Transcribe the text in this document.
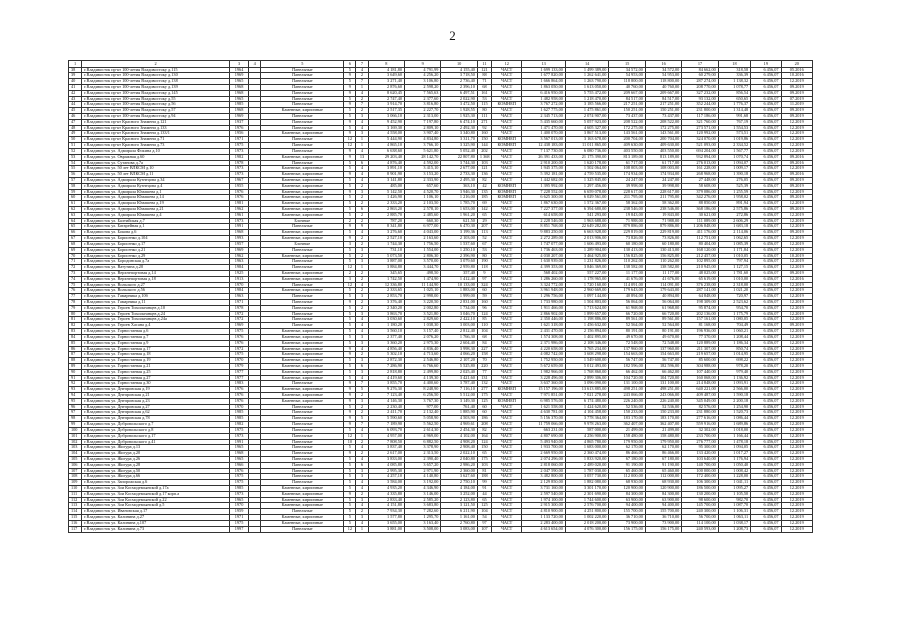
2
1	2	3	4	5	6	7	8	9	10	11	12	13	14	15	16	17	18	19	20
38	г.Владивосток пр-кт 100-летия Владивостоку д.115	1964		Панельные	5	4	4 181,80	4 791,99	4 155,40	121	ЧАСТ	1 699 133,00	1 499 389,00	34 572,00	34 572,00	84 662,00	318,58	6 456,07	05.2016
39	г.Владивосток пр-кт 100-летия Владивостоку д.130	1969		Панельные	9	2	3 649,60	4 256,20	3 718,50	88	ЧАСТ	1 677 820,00	1 262 641,00	54 953,00	54 953,00	60 279,00	336,39	6 456,07	10.2016
40	г.Владивосток пр-кт 100-летия Владивостоку д.138	1965		Панельные	5	7	3 271,40	3 106,80	2 736,40	71	ЧАСТ	1 666 864,00	1 263 790,00	118 800,00	118 800,00	287 274,00	1 138,32	6 456,07	12.2019
41	г.Владивосток пр-кт 100-летия Владивостоку д.139	1968		Панельные	9	1	2 876,60	2 598,20	2 396,10	68	ЧАСТ	1 863 050,00	1 613 050,00	40 760,00	40 760,00	208 770,00	1 078,77	6 456,07	09.2019
42	г.Владивосток пр-кт 100-летия Владивостоку д.145	1968		Панельные	9	4	8 620,45	7 565,63	6 497,51	161	ЧАСТ	6 416 950,00	5 755 472,00	209 667,00	209 667,00	327 232,00	856,54	6 456,07	09.2019
43	г.Владивосток пр-кт 100-летия Владивостоку д.55	1965		Панельные	5	2	2 747,40	2 377,60	2 022,90	53	ЧАСТ	1 482 958,00	1 218 470,00	84 517,00	84 517,00	93 132,00	650,65	6 456,07	07.2019
44	г.Владивосток пр-кт 100-летия Владивостоку д.56	1985		Панельные	9	7	3 914,70	3 816,80	3 472,50	115	КОМНЕП	3 767 272,00	3 185 566,00	217 251,00	217 251,00	352 244,00	1 776,37	6 456,07	11.2019
45	г.Владивосток пр-кт 100-летия Владивостоку д.57	1968		Каменные, кирпичные	5	2	2 517,35	2 227,70	1 928,55	80	ЧАСТ	1 627 775,00	1 475 861,00	150 251,00	150 251,00	231 800,00	1 314,48	6 456,07	09.2019
46	г.Владивосток пр-кт 100-летия Владивостоку д.94	1969		Панельные	5	3	3 066,10	2 313,00	1 925,30	111	ЧАСТ	2 345 713,00	2 074 907,00	73 437,00	73 437,00	117 186,00	991,68	6 456,07	09.2019
47	г.Владивосток пр-кт Красного Знамени д.121	1937		Панельные	9	4	9 452,90	7 197,80	6 474,10	271	ЧАСТ	5 435 660,00	5 057 923,00	208 522,00	208 522,00	321 760,00	767,19	6 456,07	12.2019
48	г.Владивосток пр-кт Красного Знамени д.133	1976		Панельные	5	4	3 169,30	2 809,10	2 492,30	92	ЧАСТ	1 471 470,00	4 605 327,00	172 275,00	172 275,00	273 571,00	1 554,53	6 456,07	12.2019
49	г.Владивосток пр-кт Красного Знамени д.133/1	1956		Каменные, кирпичные	9	3	4 558,00	3 907,40	3 340,80	160	ЧАСТ	1 400 070,00	3 867 513,00	143 561,00	143 561,00	120 992,00	573,51	6 456,07	12.2019
50	г.Владивосток пр-кт Красного Знамени д.71	1971		Панельные	12	1	5 444,90	4 834,80	3 311,70	150	КОМНЕП	3 567 013,00	3 163 678,00	200 704,00	200 704,00	324 070,00	1 019,86	6 456,07	12.2019
51	г.Владивосток пр-кт Красного Знамени д.73	1975		Панельные	12	1	4 865,10	3 766,10	3 325,90	144	КОМНЕП	12 438 183,00	11 011 865,00	409 630,00	409 630,00	521 093,00	2 334,52	6 456,07	12.2019
52	г.Владивосток ул. Адмирала Фокина д.10	1973		Панельные	9	4	6 638,60	5 621,80	5 052,40	202	ЧАСТ	7 137 730,00	6 080 736,00	403 550,00	403 550,00	694 204,00	1 567,77	6 456,07	12.2019
53	г.Владивосток ул. Овражная д.60	1982		Каменные, кирпичные	9	13	29 203,40	28 142,70	22 807,80	1 368	ЧАСТ	26 391 433,00	21 175 390,00	813 189,00	813 189,00	932 894,00	1 070,74	6 456,07	09.2016
54	г.Владивосток ул. Сутанова д.7а	1978		Панельные	5	6	4 876,40	4 592,00	3 744,30	103	ЧАСТ	2 910 200,00	1 620 178,00	61 717,00	61 717,00	276 013,00	1 094,07	6 456,07	09.2016
55	г.Владивосток ул. 50 лет ВЛКСМ д.10	1973		Каменные, кирпичные	5	4	3 891,10	3 415,10	2 677,00	121	ЧАСТ	1 945 375,00	1 502 064,00	108 003,00	108 003,00	161 228,00	1 009,17	6 456,07	12.2019
56	г.Владивосток ул. 50 лет ВЛКСМ д.11	1973		Каменные, кирпичные	9	4	8 901,90	3 153,20	2 733,30	136	ЧАСТ	5 392 181,00	4 759 535,00	174 934,00	174 934,00	268 968,00	1 390,18	6 456,07	09.2016
57	г.Владивосток ул. Адмирала Кузнецова д.34	1967		Каменные, кирпичные	5	4	3 141,80	2 333,90	2 495,30	82	ЧАСТ	1 442 682,00	1 325 845,00	24 247,00	24 247,00	27 448,00	276,05	6 456,07	09.2019
58	г.Владивосток ул. Адмирала Кузнецова д.4	1955		Каменные, кирпичные	5	2	485,00	657,60	363,10	42	КОМНЕП	1 395 992,00	1 297 456,00	39 998,00	39 998,00	58 608,00	525,39	6 456,07	09.2019
59	г.Владивосток ул. Адмирала Юмашева д.1	1976		Каменные, кирпичные	9	3	5 142,50	4 520,70	3 946,30	135	КОМНЕП	7 228 552,00	6 659 078,00	228 617,00	228 617,00	379 086,00	1 255,59	6 456,07	12.2019
60	г.Владивосток ул. Адмирала Юмашева д.14	1976		Каменные, кирпичные	5	2	1 426,90	1 106,10	1 216,00	185	КОМНЕП	6 625 300,00	6 029 561,00	211 795,00	211 795,00	342 276,00	1 958,02	6 456,07	09.2019
61	г.Владивосток ул. Адмирала Юмашева д.19	1981		Каменные, кирпичные	5	2	2 333,20	2 103,50	1 785,70	69	ЧАСТ	1 867 630,00	1 572 367,00	58 362,00	58 362,00	88 850,00	891,94	6 456,07	12.2019
62	г.Владивосток ул. Адмирала Юмашева д.21	1962		Каменные, кирпичные	5	6	2 863,20	2 578,10	1 653,00	142	ЧАСТ	7 227 377,00	6 394 680,00	238 546,00	238 546,00	368 186,00	2 575,86	6 456,07	09.2019
63	г.Владивосток ул. Адмирала Юмашева д.4	1961		Каменные, кирпичные	5	2	2 885,70	2 485,60	1 961,20	65	ЧАСТ	614 658,00	541 293,00	19 843,00	19 843,00	30 621,00	272,86	6 456,07	12.2019
64	г.Владивосток ул. Балтийская д.7	1973		Блочные	2	2	787,20	660,30	621,50	29	ЧАСТ	2 228 546,00	1 963 688,00	71 988,00	71 988,00	111 089,00	2 606,29	6 456,07	12.2019
65	г.Владивосток ул. Батарейная д.1	1991		Панельные	9	9	8 341,80	6 977,00	6 470,30	207	ЧАСТ	8 851 768,00	22 649 282,00	879 886,00	879 886,00	1 206 848,00	1 683,18	6 456,07	12.2019
66	г.Владивосток ул. Бокова д.6	1968		Каменные, кирпичные	5	4	3 276,60	4 043,00	3 199,36	113	ЧАСТ	9 883 250,00	6 663 928,00	229 819,00	229 819,00	411 176,00	2 114,06	6 456,07	09.2019
67	г.Владивосток ул. Борисенко д.104	1993		Каменные, кирпичные	9	2	2 527,10	2 163,60	2 103,00	52	ЧАСТ	2 272 289,00	2 013 906,00	73 826,00	73 826,00	112 751,00	1 062,65	6 456,07	12.2019
68	г.Владивосток ул. Борисенко д.17	1957		Блочные	3	2	1 744,30	1 756,50	1 537,60	67	ЧАСТ	1 747 077,00	1 606 493,00	60 180,00	60 180,00	80 404,00	1 085,39	6 456,07	12.2019
69	г.Владивосток ул. Борисенко д.21	1969		Панельные	5	3	731,10	1 554,00	1 250,10	53	ЧАСТ	1 736 463,00	1 289 904,00	130 413,00	130 413,00	168 120,00	1 171,84	6 456,07	12.2019
70	г.Владивосток ул. Борисенко д.29	1962		Каменные, кирпичные	5	2	5 073,50	2 806,30	2 396,90	80	ЧАСТ	4 030 207,00	3 464 925,00	156 825,00	156 825,00	212 457,00	1 010,05	6 456,07	10.2019
71	г.Владивосток ул. Бородинская д.7а	1963		Панельные	5	3	3 887,00	3 570,00	3 079,60	190	ЧАСТ	1 630 939,00	1 231 826,00	110 262,00	110 262,00	102 895,00	797,94	6 456,07	12.2019
72	г.Владивосток ул. Ватутина д.20	1984		Панельные	12	1	3 884,80	3 444,70	2 959,80	118	ЧАСТ	4 399 353,00	3 846 369,00	138 582,00	138 582,00	210 945,00	1 127,15	6 456,07	12.2019
73	г.Владивосток ул. Верхнепортовая д.14	1925		Каменные, кирпичные	2	2	345,65	498,50	357,40	9	ЧАСТ	568 402,00	557 227,00	11 177,00	11 177,00	48 025,00	1 781,60	6 456,07	09.2019
74	г.Владивосток ул. Верхнепортовая д.18	1913		Каменные, кирпичные	3	2	1 742,50	1 474,90	1 412,40	97	ЧАСТ	1 286 260,00	1 178 965,00	41 676,00	41 676,00	65 619,00	1 010,00	6 456,07	12.2016
75	г.Владивосток ул. Вольского д.27	1970		Панельные	12	4	12 336,80	11 144,90	10 133,00	324	ЧАСТ	3 324 772,00	1 720 160,00	114 091,00	114 091,00	376 238,00	2 318,00	6 456,07	12.2019
76	г.Владивосток ул. Вольского д.56	1984		Каменные, кирпичные	5	2	2 333,65	1 025,10	1 883,00	60	ЧАСТ	3 961 948,00	2 960 669,00	179 643,00	179 643,00	287 141,00	1 021,20	6 456,07	12.2019
77	г.Владивосток ул. Гамарника д.10б	1963		Панельные	5	3	2 853,70	2 998,00	1 999,00	59	ЧАСТ	1 296 756,00	1 097 144,00	40 894,00	40 894,00	64 848,00	720,97	6 456,07	12.2019
78	г.Владивосток ул. Гамарника д.11	1971		Панельные	9	2	3 376,40	3 220,50	2 831,00	160	ЧАСТ	1 733 980,00	1 504 803,00	56 064,00	56 064,00	198 309,00	2 523,62	6 456,07	12.2019
79	г.Владивосток ул. Героев Тихоокеанцев д.10	1978		Панельные	5	2	2 340,20	2 002,80	1 734,00	96	ЧАСТ	1 911 466,00	1 713 624,00	61 968,00	61 968,00	95 874,00	954,70	6 456,07	12.2019
80	г.Владивосток ул. Героев Тихоокеанцев д.24	1972		Панельные	5	3	3 863,70	3 521,80	3 046,70	124	ЧАСТ	2 866 902,00	1 899 657,00	66 720,00	66 720,00	202 136,00	1 175,79	6 456,07	12.2019
81	г.Владивосток ул. Героев Тихоокеанцев д.24а	1972		Панельные	5	4	3 030,60	2 829,60	2 422,10	85	ЧАСТ	2 350 446,00	1 198 886,00	89 561,00	89 561,00	157 161,00	1 080,05	6 456,07	12.2019
82	г.Владивосток ул. Героев Хасана д.4	1969		Панельные	5	4	1 180,20	1 038,30	3 003,00	110	ЧАСТ	1 621 318,00	1 456 632,00	52 564,00	52 564,00	81 168,00	704,49	6 456,07	09.2019
83	г.Владивосток ул. Горностаевая д.6	1975		Каменные, кирпичные	5	4	3 560,10	3 157,40	2 812,40	104	ЧАСТ	2 431 470,00	2 156 894,00	80 191,00	80 191,00	196 936,00	1 060,21	6 456,07	12.2019
84	г.Владивосток ул. Горностаевая д.7	1976		Каменные, кирпичные	5	3	2 377,40	2 076,20	1 766,30	68	ЧАСТ	1 574 308,00	1 402 895,00	49 670,00	49 670,00	77 370,00	1 208,44	6 456,07	12.2019
85	г.Владивосток ул. Горностаевая д.9	1976		Каменные, кирпичные	5	3	3 360,20	2 975,30	2 604,40	84	ЧАСТ	2 371 986,00	2 108 346,00	72 548,00	72 548,00	120 889,00	1 186,34	6 456,07	12.2019
86	г.Владивосток ул. Горностаевая д.17	1972		Каменные, кирпичные	9	4	4 856,40	4 836,40	3 998,30	227	ЧАСТ	4 220 658,00	3 765 234,00	137 960,00	137 960,00	211 307,00	850,74	6 456,07	12.2019
87	г.Владивосток ул. Горностаевая д.18	1975		Каменные, кирпичные	9	2	5 302,10	4 713,60	4 066,20	158	ЧАСТ	4 082 742,00	3 608 298,00	154 663,00	154 663,00	219 657,00	1 014,95	6 456,07	12.2019
88	г.Владивосток ул. Горностаевая д.19	1970		Каменные, кирпичные	5	3	2 872,30	2 546,80	2 107,20	70	ЧАСТ	1 752 950,00	1 549 600,00	56 747,00	56 747,00	85 600,00	698,22	6 456,07	12.2019
89	г.Владивосток ул. Горностаевая д.21	1979		Каменные, кирпичные	5	6	7 286,90	6 766,60	5 525,80	220	ЧАСТ	5 672 659,00	5 012 493,00	182 596,00	182 596,00	304 988,00	978,20	6 456,07	12.2019
90	г.Владивосток ул. Горностаевая д.25	1977		Каменные, кирпичные	5	3	2 818,80	2 499,80	2 025,40	77	ЧАСТ	1 982 966,00	1 768 860,00	66 462,00	66 462,00	107 440,00	979,40	6 456,07	12.2019
91	г.Владивосток ул. Горностаевая д.27	1977		Каменные, кирпичные	5	4	4 419,60	4 139,30	3 421,60	131	ЧАСТ	3 228 496,00	2 899 306,00	104 720,00	104 720,00	160 068,00	1 136,92	6 456,07	12.2019
92	г.Владивосток ул. Горностаевая д.30	1983		Панельные	9	7	3 855,70	4 400,60	3 787,40	132	ЧАСТ	3 637 360,00	3 096 090,00	131 100,00	131 100,00	214 848,00	1 093,91	6 456,07	12.2019
93	г.Владивосток ул. Днепровская д.19	1976		Каменные, кирпичные	9	5	9 276,30	8 248,90	7 116,10	277	КОМНЕП	15 157 196,00	13 613 885,00	498 251,00	498 251,00	640 221,00	2 566,00	6 456,07	12.2019
94	г.Владивосток ул. Днепровская д.21	1976		Каменные, кирпичные	9	2	7 123,40	6 256,50	5 512,00	175	ЧАСТ	7 971 851,00	7 021 278,00	243 066,00	243 066,00	409 487,00	1 590,18	6 456,07	12.2019
95	г.Владивосток ул. Днепровская д.23	1976		Каменные, кирпичные	9	3	4 146,30	3 767,30	3 149,30	125	КОМНЕП	6 985 576,00	6 174 480,00	226 240,00	226 240,00	345 049,00	2 200,18	6 456,07	12.2019
96	г.Владивосток ул. Днепровская д.27	1970		Панельные	5	2	2 230,40	977,00	761,40	60	ЧАСТ	1 621 558,00	1 424 620,00	52 536,00	52 536,00	82 576,00	1 254,90	6 456,07	12.2019
97	г.Владивосток ул. Днепровская д.62	1985		Панельные	9	2	2 411,70	2 132,40	1 885,90	60	ЧАСТ	4 630 781,00	4 104 458,00	150 233,00	150 233,00	231 880,00	1 520,73	6 456,07	12.2019
98	г.Владивосток ул. Днепровская д.78	1985		Панельные	9	5	5 590,60	5 058,90	4 503,90	186	ЧАСТ	5 156 370,00	3 778 364,00	183 170,00	183 170,00	277 616,00	1 086,44	6 456,07	12.2019
99	г.Владивосток ул. Добровольского д.7	1982		Панельные	9	7	7 189,90	5 562,50	4 969,61	208	ЧАСТ	11 759 066,00	9 978 263,00	362 407,00	362 407,00	559 916,00	1 689,86	6 456,07	12.2019
100	г.Владивосток ул. Добровольского д.8	1975		Панельные	5	4	6 093,70	2 614,30	2 454,30	82	ЧАСТ	663 231,00	587 000,00	21 499,00	21 499,00	32 302,00	1 018,00	6 456,07	12.2019
101	г.Владивосток ул. Добровольского д.17	1973		Панельные	12	1	4 957,00	4 969,00	4 102,00	164	ЧАСТ	4 807 690,00	4 256 900,00	158 480,00	158 480,00	233 700,00	1 166,44	6 456,07	12.2019
102	г.Владивосток ул. Добровольского д.41	1991		Панельные	10	2	7 808,50	6 882,50	4 908,20	124	ЧАСТ	5 493 940,00	4 865 780,00	179 950,00	179 950,00	276 777,00	1 478,18	6 456,07	12.2019
103	г.Владивосток ул. Жигура д.13	1965		Панельные	5	4	3 837,40	3 378,90	2 908,40	150	ЧАСТ	1 933 700,00	1 683 000,00	62 170,00	62 170,00	95 300,00	1 094,05	6 456,07	12.2019
104	г.Владивосток ул. Жигура д.20	1968		Панельные	9	2	2 617,00	2 313,50	2 022,10	65	ЧАСТ	2 669 950,00	2 360 474,00	86 466,00	86 466,00	133 420,00	1 017,27	6 456,07	12.2019
105	г.Владивосток ул. Жигура д.26	1965		Панельные	5	4	3 833,00	2 390,40	2 040,80	175	ЧАСТ	2 074 296,00	1 833 920,00	67 180,00	67 180,00	103 640,00	1 176,94	6 456,07	12.2019
106	г.Владивосток ул. Жигура д.28	1966		Панельные	5	6	4 085,80	3 657,20	2 986,20	103	ЧАСТ	2 818 060,00	2 489 020,00	91 190,00	91 190,00	140 700,00	1 050,40	6 456,07	12.2019
107	г.Владивосток ул. Жигура д.50	1976		Панельные	5	3	2 995,30	2 971,90	2 360,00	81	ЧАСТ	2 047 590,00	1 787 030,00	65 460,00	65 460,00	100 000,00	1 008,42	6 456,07	12.2019
108	г.Владивосток ул. Жигура д.66	1975		Панельные	5	3	4 257,10	4 140,80	3 627,60	188	ЧАСТ	3 482 800,00	3 057 730,00	112 000,00	112 000,00	172 400,00	1 228,00	6 456,07	12.2019
109	г.Владивосток ул. Запорожская д.6	1975		Панельные	5	4	3 584,00	3 192,00	2 750,10	99	ЧАСТ	2 129 850,00	1 882 080,00	68 930,00	68 930,00	106 300,00	1 041,11	6 456,07	12.2019
110	г.Владивосток ул. Зои Космодемьянской д.17а	1985		Каменные, кирпичные	5	4	4 935,20	4 346,90	4 184,00	91	ЧАСТ	3 731 160,00	3 301 170,00	120 900,00	120 900,00	186 500,00	1 095,27	6 456,07	12.2019
111	г.Владивосток ул. Зои Космодемьянской д.17 корп.а	1973		Каменные, кирпичные	9	2	4 335,80	3 146,00	3 252,00	44	ЧАСТ	2 597 540,00	2 301 690,00	84 300,00	84 300,00	130 200,00	1 105,50	6 456,07	12.2019
112	г.Владивосток ул. Зои Космодемьянской д.22	1965		Каменные, кирпичные	5	3	2 833,40	2 585,20	2 123,80	65	ЧАСТ	1 974 100,00	1 744 600,00	63 900,00	63 900,00	98 600,00	982,70	6 456,07	12.2019
113	г.Владивосток ул. Зои Космодемьянской д.5	1970		Каменные, кирпичные	5	4	4 151,80	3 683,80	3 121,50	125	ЧАСТ	2 915 300,00	2 576 700,00	94 400,00	94 400,00	145 700,00	1 087,70	6 456,07	12.2019
114	г.Владивосток ул. Ивановская д.17	1959		Панельные	5	2	7 934,30	7 282,60	6 211,90	104	ЧАСТ	4 810 900,00	4 251 800,00	155 700,00	155 700,00	240 300,00	1 106,31	6 456,07	12.2019
115	г.Владивосток ул. Калинина д.27	1971		Каменные, кирпичные	5	3	1 577,80	1 295,70	1 161,00	54	ЧАСТ	1 133 720,00	1 002 220,00	36 710,00	36 710,00	56 700,00	1 063,11	6 456,07	12.2019
116	г.Владивосток ул. Калинина д.107	1975		Каменные, кирпичные	5	4	3 655,00	3 163,40	2 760,80	97	ЧАСТ	2 283 400,00	2 018 200,00	73 900,00	73 900,00	114 100,00	1 038,17	6 456,07	12.2019
117	г.Владивосток ул. Калинина д.73	1997		Панельные	12	1	3 881,00	3 508,00	3 083,00	107	ЧАСТ	4 613 654,00	4 076 300,00	156 175,00	156 175,00	240 593,00	1 208,73	6 456,07	12.2019
